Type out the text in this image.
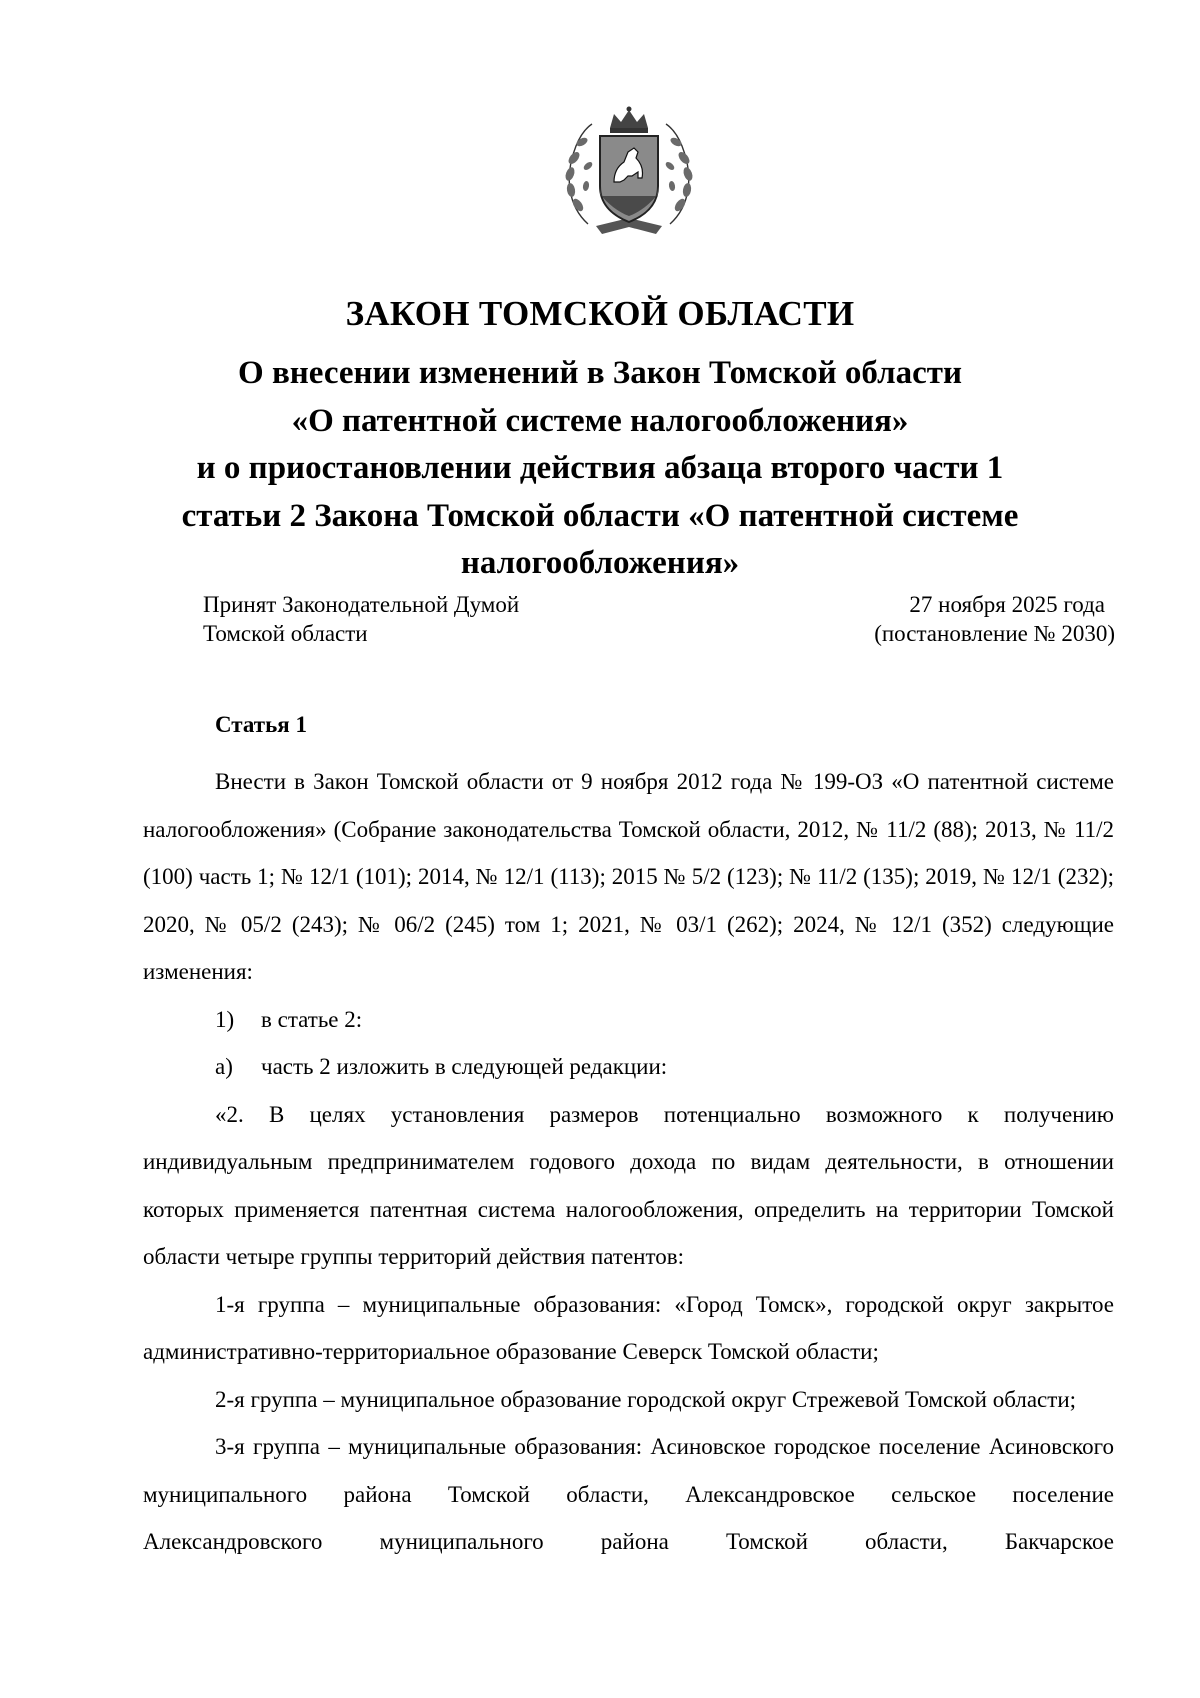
ЗАКОН ТОМСКОЙ ОБЛАСТИ
О внесении изменений в Закон Томской области
«О патентной системе налогообложения»
и о приостановлении действия абзаца второго части 1
статьи 2 Закона Томской области «О патентной системе
налогообложения»
Принят Законодательной Думой
Томской области
27 ноября 2025 года
(постановление № 2030)
Статья 1

Внести в Закон Томской области от 9 ноября 2012 года № 199-ОЗ «О патентной системе налогообложения» (Собрание законодательства Томской области, 2012, № 11/2 (88); 2013, № 11/2 (100) часть 1; № 12/1 (101); 2014, № 12/1 (113); 2015 № 5/2 (123); № 11/2 (135); 2019, № 12/1 (232); 2020, № 05/2 (243); № 06/2 (245) том 1; 2021, № 03/1 (262); 2024, № 12/1 (352) следующие изменения:

1) в статье 2:

а) часть 2 изложить в следующей редакции:

«2. В целях установления размеров потенциально возможного к получению индивидуальным предпринимателем годового дохода по видам деятельности, в отношении которых применяется патентная система налогообложения, определить на территории Томской области четыре группы территорий действия патентов:

1-я группа – муниципальные образования: «Город Томск», городской округ закрытое административно-территориальное образование Северск Томской области;

2-я группа – муниципальное образование городской округ Стрежевой Томской области;

3-я группа – муниципальные образования: Асиновское городское поселение Асиновского муниципального района Томской области, Александровское сельское поселение Александровского муниципального района Томской области, Бакчарское
